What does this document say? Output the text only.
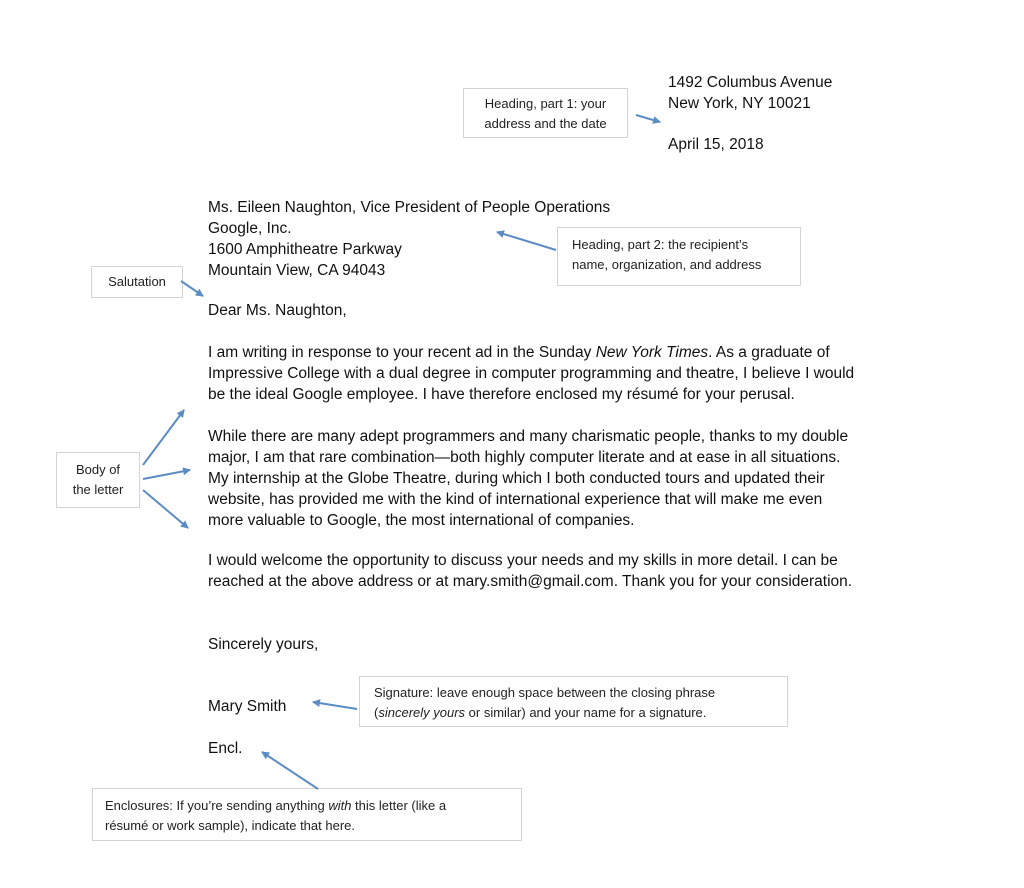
1492 Columbus Avenue
New York, NY 10021
April 15, 2018
Ms. Eileen Naughton, Vice President of People Operations
Google, Inc.
1600 Amphitheatre Parkway
Mountain View, CA 94043
Dear Ms. Naughton,
I am writing in response to your recent ad in the Sunday New York Times. As a graduate of
Impressive College with a dual degree in computer programming and theatre, I believe I would
be the ideal Google employee. I have therefore enclosed my résumé for your perusal.
While there are many adept programmers and many charismatic people, thanks to my double
major, I am that rare combination—both highly computer literate and at ease in all situations.
My internship at the Globe Theatre, during which I both conducted tours and updated their
website, has provided me with the kind of international experience that will make me even
more valuable to Google, the most international of companies.
I would welcome the opportunity to discuss your needs and my skills in more detail. I can be
reached at the above address or at mary.smith@gmail.com. Thank you for your consideration.
Sincerely yours,
Mary Smith
Encl.
Heading, part 1: your
address and the date
Heading, part 2: the recipient’s
name, organization, and address
Salutation
Body of
the letter
Signature: leave enough space between the closing phrase
(sincerely yours or similar) and your name for a signature.
Enclosures: If you’re sending anything with this letter (like a
résumé or work sample), indicate that here.
